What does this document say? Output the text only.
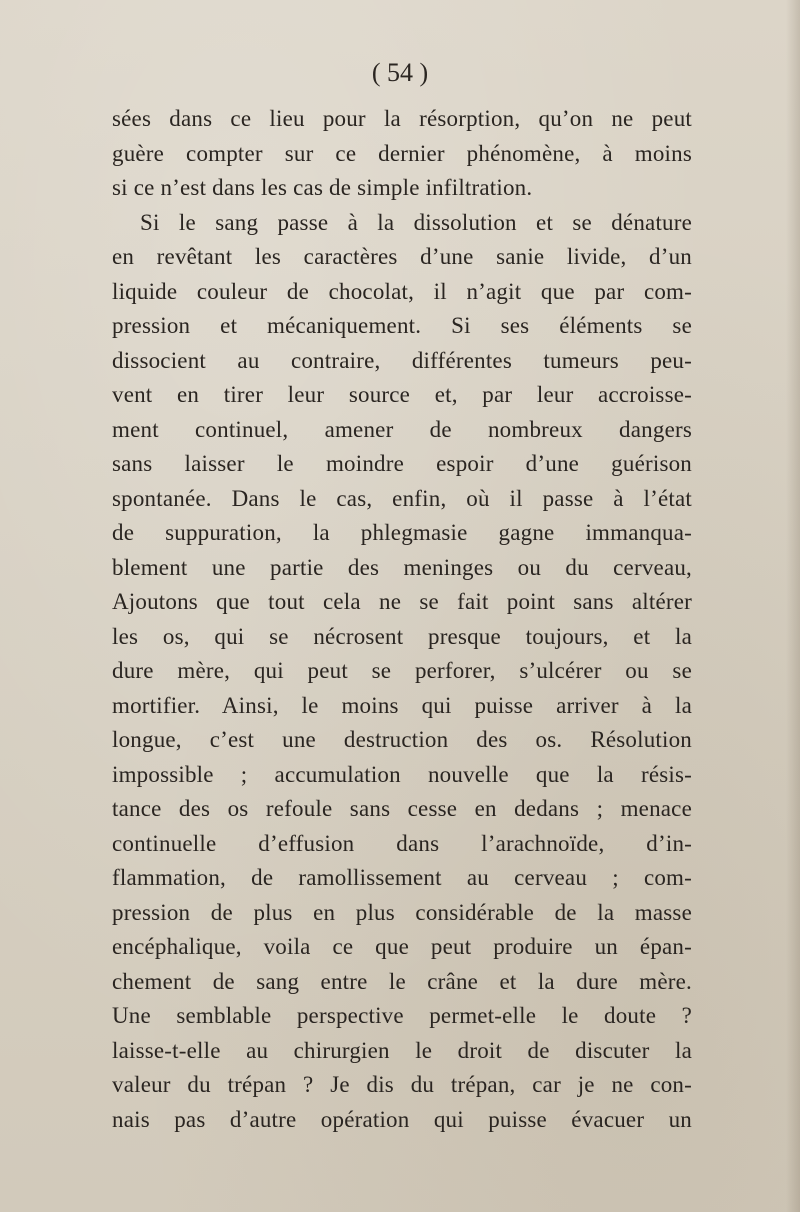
( 54 )

sées dans ce lieu pour la résorption, qu’on ne peut
guère compter sur ce dernier phénomène, à moins
si ce n’est dans les cas de simple infiltration.
Si le sang passe à la dissolution et se dénature
en revêtant les caractères d’une sanie livide, d’un
liquide couleur de chocolat, il n’agit que par com-
pression et mécaniquement. Si ses éléments se
dissocient au contraire, différentes tumeurs peu-
vent en tirer leur source et, par leur accroisse-
ment continuel, amener de nombreux dangers
sans laisser le moindre espoir d’une guérison
spontanée. Dans le cas, enfin, où il passe à l’état
de suppuration, la phlegmasie gagne immanqua-
blement une partie des meninges ou du cerveau,
Ajoutons que tout cela ne se fait point sans altérer
les os, qui se nécrosent presque toujours, et la
dure mère, qui peut se perforer, s’ulcérer ou se
mortifier. Ainsi, le moins qui puisse arriver à la
longue, c’est une destruction des os. Résolution
impossible ; accumulation nouvelle que la résis-
tance des os refoule sans cesse en dedans ; menace
continuelle d’effusion dans l’arachnoïde, d’in-
flammation, de ramollissement au cerveau ; com-
pression de plus en plus considérable de la masse
encéphalique, voila ce que peut produire un épan-
chement de sang entre le crâne et la dure mère.
Une semblable perspective permet-elle le doute ?
laisse-t-elle au chirurgien le droit de discuter la
valeur du trépan ? Je dis du trépan, car je ne con-
nais pas d’autre opération qui puisse évacuer un
